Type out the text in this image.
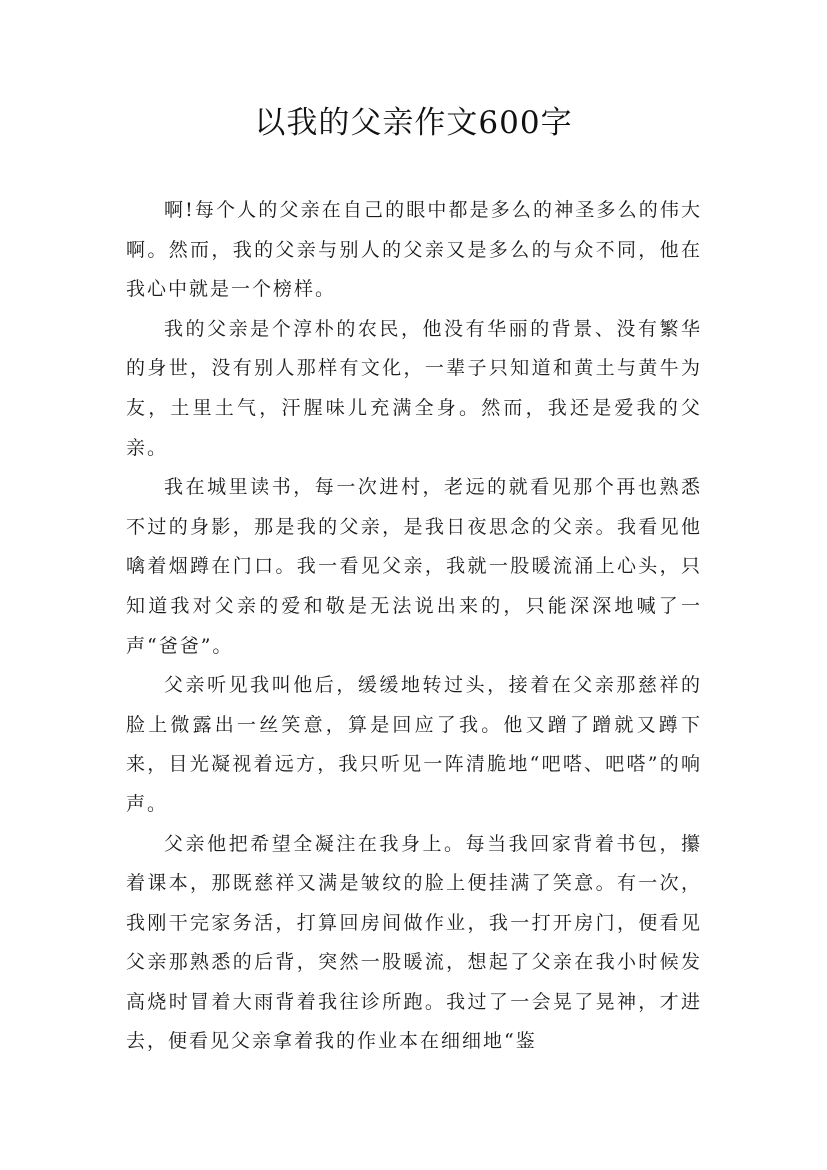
以我的父亲作文600字

啊!每个人的父亲在自己的眼中都是多么的神圣多么的伟大啊。然而，我的父亲与别人的父亲又是多么的与众不同，他在我心中就是一个榜样。

我的父亲是个淳朴的农民，他没有华丽的背景、没有繁华的身世，没有别人那样有文化，一辈子只知道和黄土与黄牛为友，土里土气，汗腥味儿充满全身。然而，我还是爱我的父亲。

我在城里读书，每一次进村，老远的就看见那个再也熟悉不过的身影，那是我的父亲，是我日夜思念的父亲。我看见他噙着烟蹲在门口。我一看见父亲，我就一股暖流涌上心头，只知道我对父亲的爱和敬是无法说出来的，只能深深地喊了一声“爸爸”。

父亲听见我叫他后，缓缓地转过头，接着在父亲那慈祥的脸上微露出一丝笑意，算是回应了我。他又蹭了蹭就又蹲下来，目光凝视着远方，我只听见一阵清脆地“吧嗒、吧嗒”的响声。

父亲他把希望全凝注在我身上。每当我回家背着书包，攥着课本，那既慈祥又满是皱纹的脸上便挂满了笑意。有一次，我刚干完家务活，打算回房间做作业，我一打开房门，便看见父亲那熟悉的后背，突然一股暖流，想起了父亲在我小时候发高烧时冒着大雨背着我往诊所跑。我过了一会晃了晃神，才进去，便看见父亲拿着我的作业本在细细地“鉴
